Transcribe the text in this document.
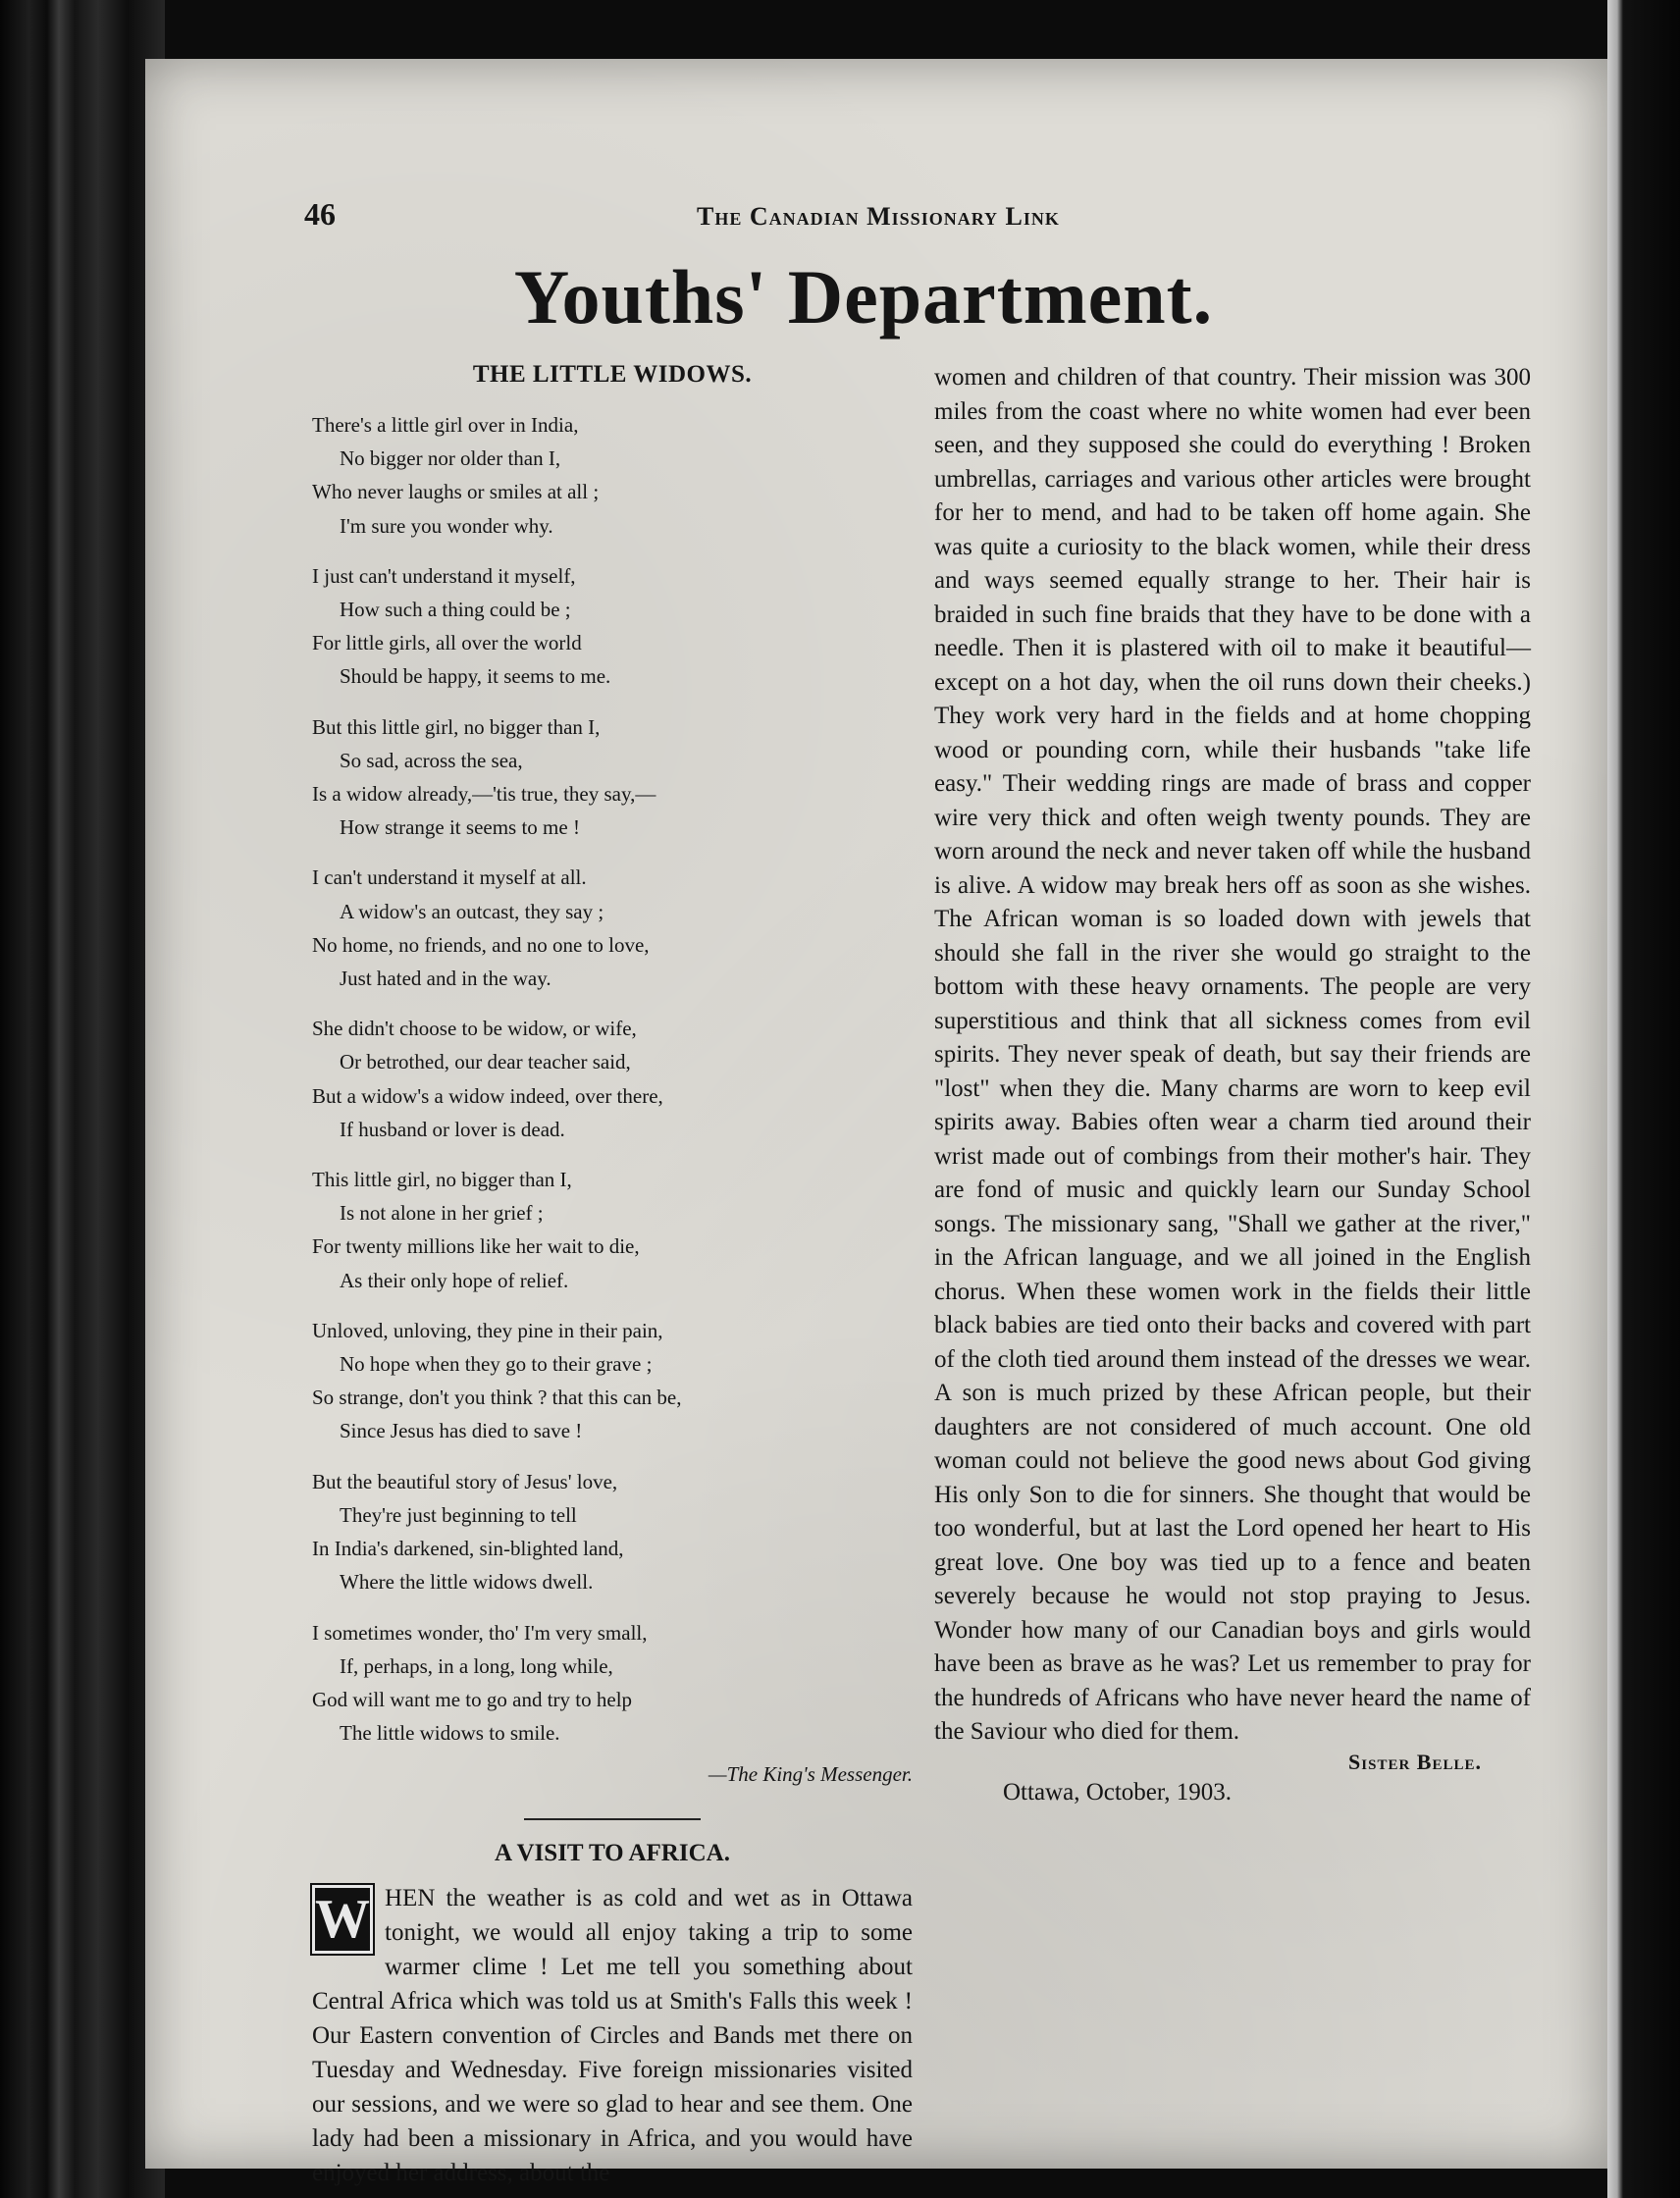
46	The Canadian Missionary Link
Youths' Department.
THE LITTLE WIDOWS.
There's a little girl over in India,
No bigger nor older than I,
Who never laughs or smiles at all ;
I'm sure you wonder why.
I just can't understand it myself,
How such a thing could be ;
For little girls, all over the world
Should be happy, it seems to me.
But this little girl, no bigger than I,
So sad, across the sea,
Is a widow already,—'tis true, they say,—
How strange it seems to me !
I can't understand it myself at all.
A widow's an outcast, they say ;
No home, no friends, and no one to love,
Just hated and in the way.
She didn't choose to be widow, or wife,
Or betrothed, our dear teacher said,
But a widow's a widow indeed, over there,
If husband or lover is dead.
This little girl, no bigger than I,
Is not alone in her grief ;
For twenty millions like her wait to die,
As their only hope of relief.
Unloved, unloving, they pine in their pain,
No hope when they go to their grave ;
So strange, don't you think ? that this can be,
Since Jesus has died to save !
But the beautiful story of Jesus' love,
They're just beginning to tell
In India's darkened, sin-blighted land,
Where the little widows dwell.
I sometimes wonder, tho' I'm very small,
If, perhaps, in a long, long while,
God will want me to go and try to help
The little widows to smile.
—The King's Messenger.
A VISIT TO AFRICA.
W HEN the weather is as cold and wet as in Ottawa tonight, we would all enjoy taking a trip to some warmer clime ! Let me tell you something about Central Africa which was told us at Smith's Falls this week ! Our Eastern convention of Circles and Bands met there on Tuesday and Wednesday. Five foreign missionaries visited our sessions, and we were so glad to hear and see them. One lady had been a missionary in Africa, and you would have enjoyed her address, about the
women and children of that country. Their mission was 300 miles from the coast where no white women had ever been seen, and they supposed she could do everything ! Broken umbrellas, carriages and various other articles were brought for her to mend, and had to be taken off home again. She was quite a curiosity to the black women, while their dress and ways seemed equally strange to her. Their hair is braided in such fine braids that they have to be done with a needle. Then it is plastered with oil to make it beautiful—except on a hot day, when the oil runs down their cheeks.) They work very hard in the fields and at home chopping wood or pounding corn, while their husbands "take life easy." Their wedding rings are made of brass and copper wire very thick and often weigh twenty pounds. They are worn around the neck and never taken off while the husband is alive. A widow may break hers off as soon as she wishes. The African woman is so loaded down with jewels that should she fall in the river she would go straight to the bottom with these heavy ornaments. The people are very superstitious and think that all sickness comes from evil spirits. They never speak of death, but say their friends are "lost" when they die. Many charms are worn to keep evil spirits away. Babies often wear a charm tied around their wrist made out of combings from their mother's hair. They are fond of music and quickly learn our Sunday School songs. The missionary sang, "Shall we gather at the river," in the African language, and we all joined in the English chorus. When these women work in the fields their little black babies are tied onto their backs and covered with part of the cloth tied around them instead of the dresses we wear. A son is much prized by these African people, but their daughters are not considered of much account. One old woman could not believe the good news about God giving His only Son to die for sinners. She thought that would be too wonderful, but at last the Lord opened her heart to His great love. One boy was tied up to a fence and beaten severely because he would not stop praying to Jesus. Wonder how many of our Canadian boys and girls would have been as brave as he was? Let us remember to pray for the hundreds of Africans who have never heard the name of the Saviour who died for them.
Sister Belle.
Ottawa, October, 1903.
